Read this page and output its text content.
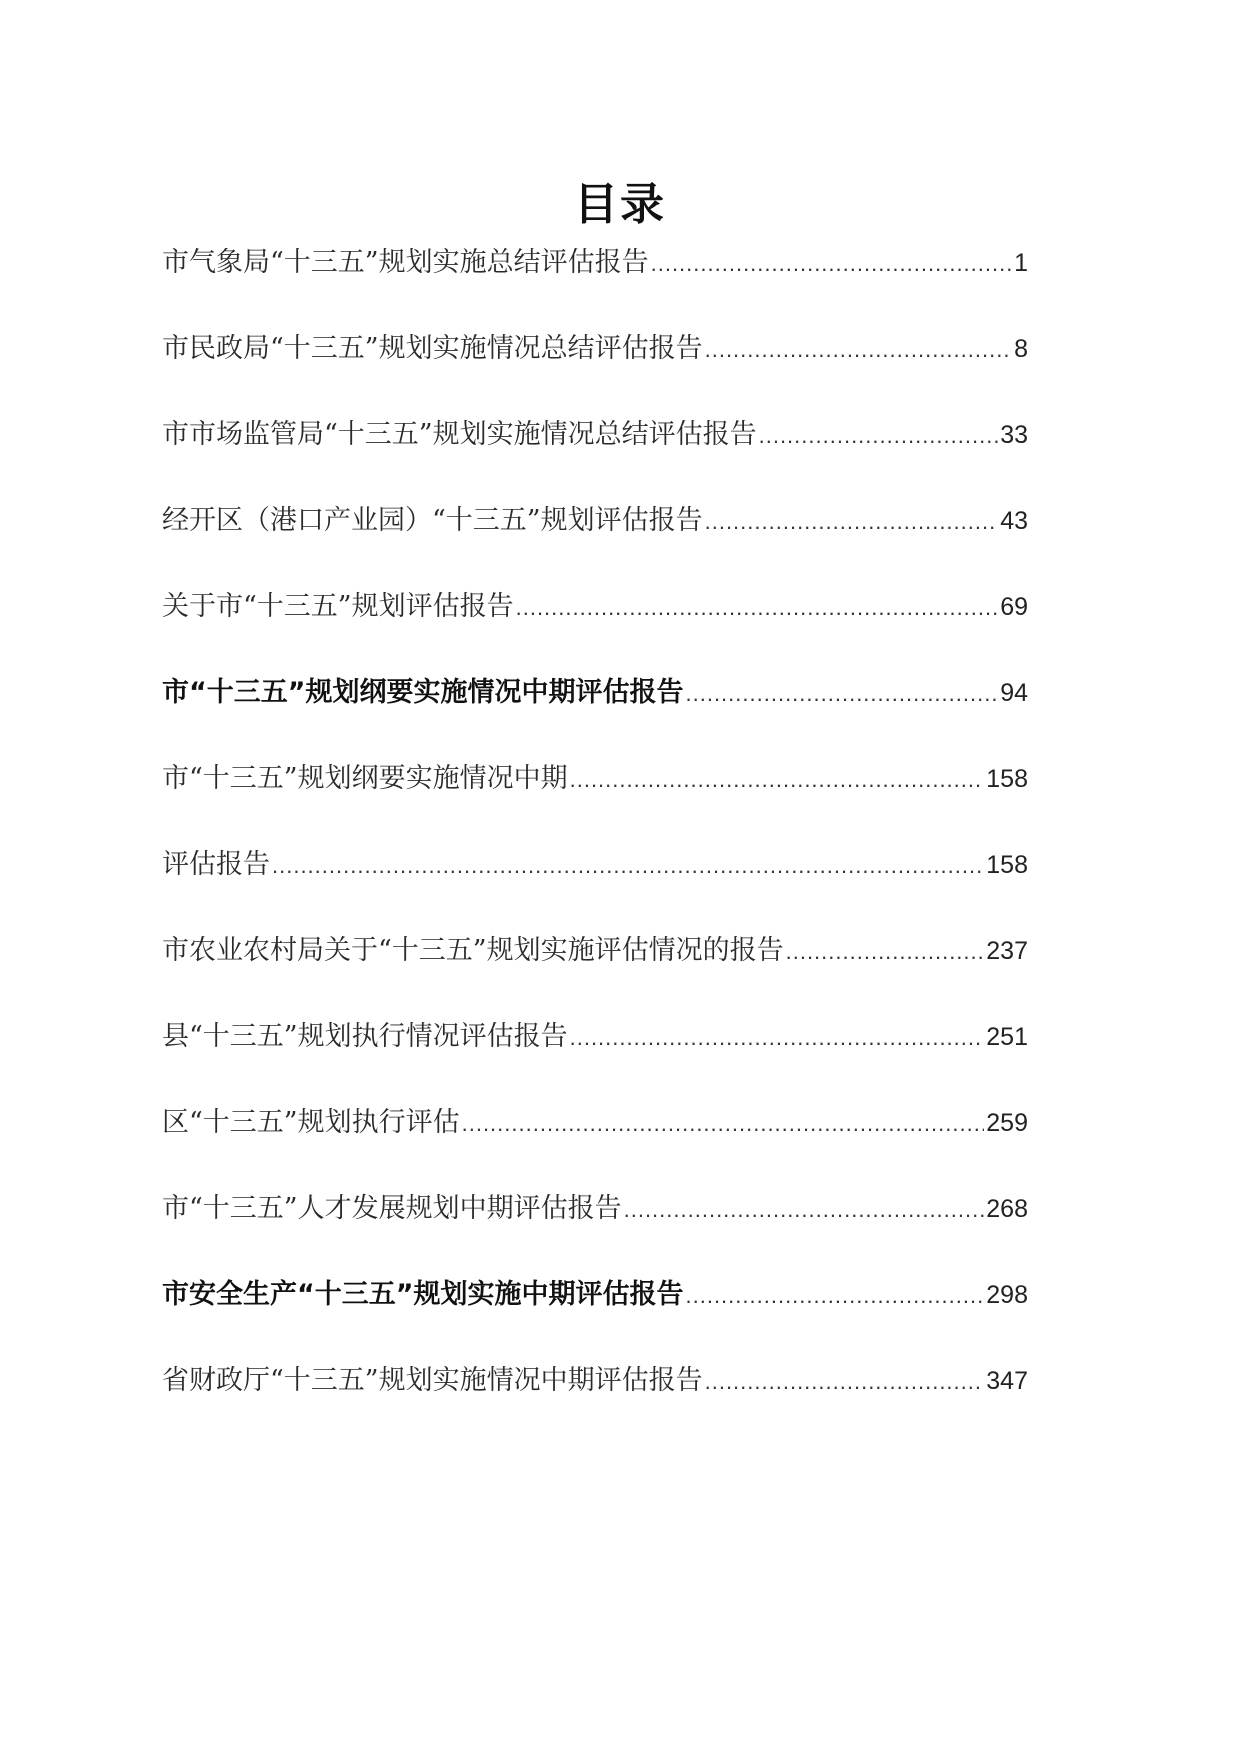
目录
市气象局“十三五”规划实施总结评估报告 .....	1
市民政局“十三五”规划实施情况总结评估报告 .....	8
市市场监管局“十三五”规划实施情况总结评估报告 .....	33
经开区（港口产业园）“十三五”规划评估报告 .....	43
关于市“十三五”规划评估报告 .....	69
市“十三五”规划纲要实施情况中期评估报告 .....	94
市“十三五”规划纲要实施情况中期 .....	158
评估报告 .....	158
市农业农村局关于“十三五”规划实施评估情况的报告 .....	237
县“十三五”规划执行情况评估报告 .....	251
区“十三五”规划执行评估 .....	259
市“十三五”人才发展规划中期评估报告 .....	268
市安全生产“十三五”规划实施中期评估报告 .....	298
省财政厅“十三五”规划实施情况中期评估报告 .....	347
